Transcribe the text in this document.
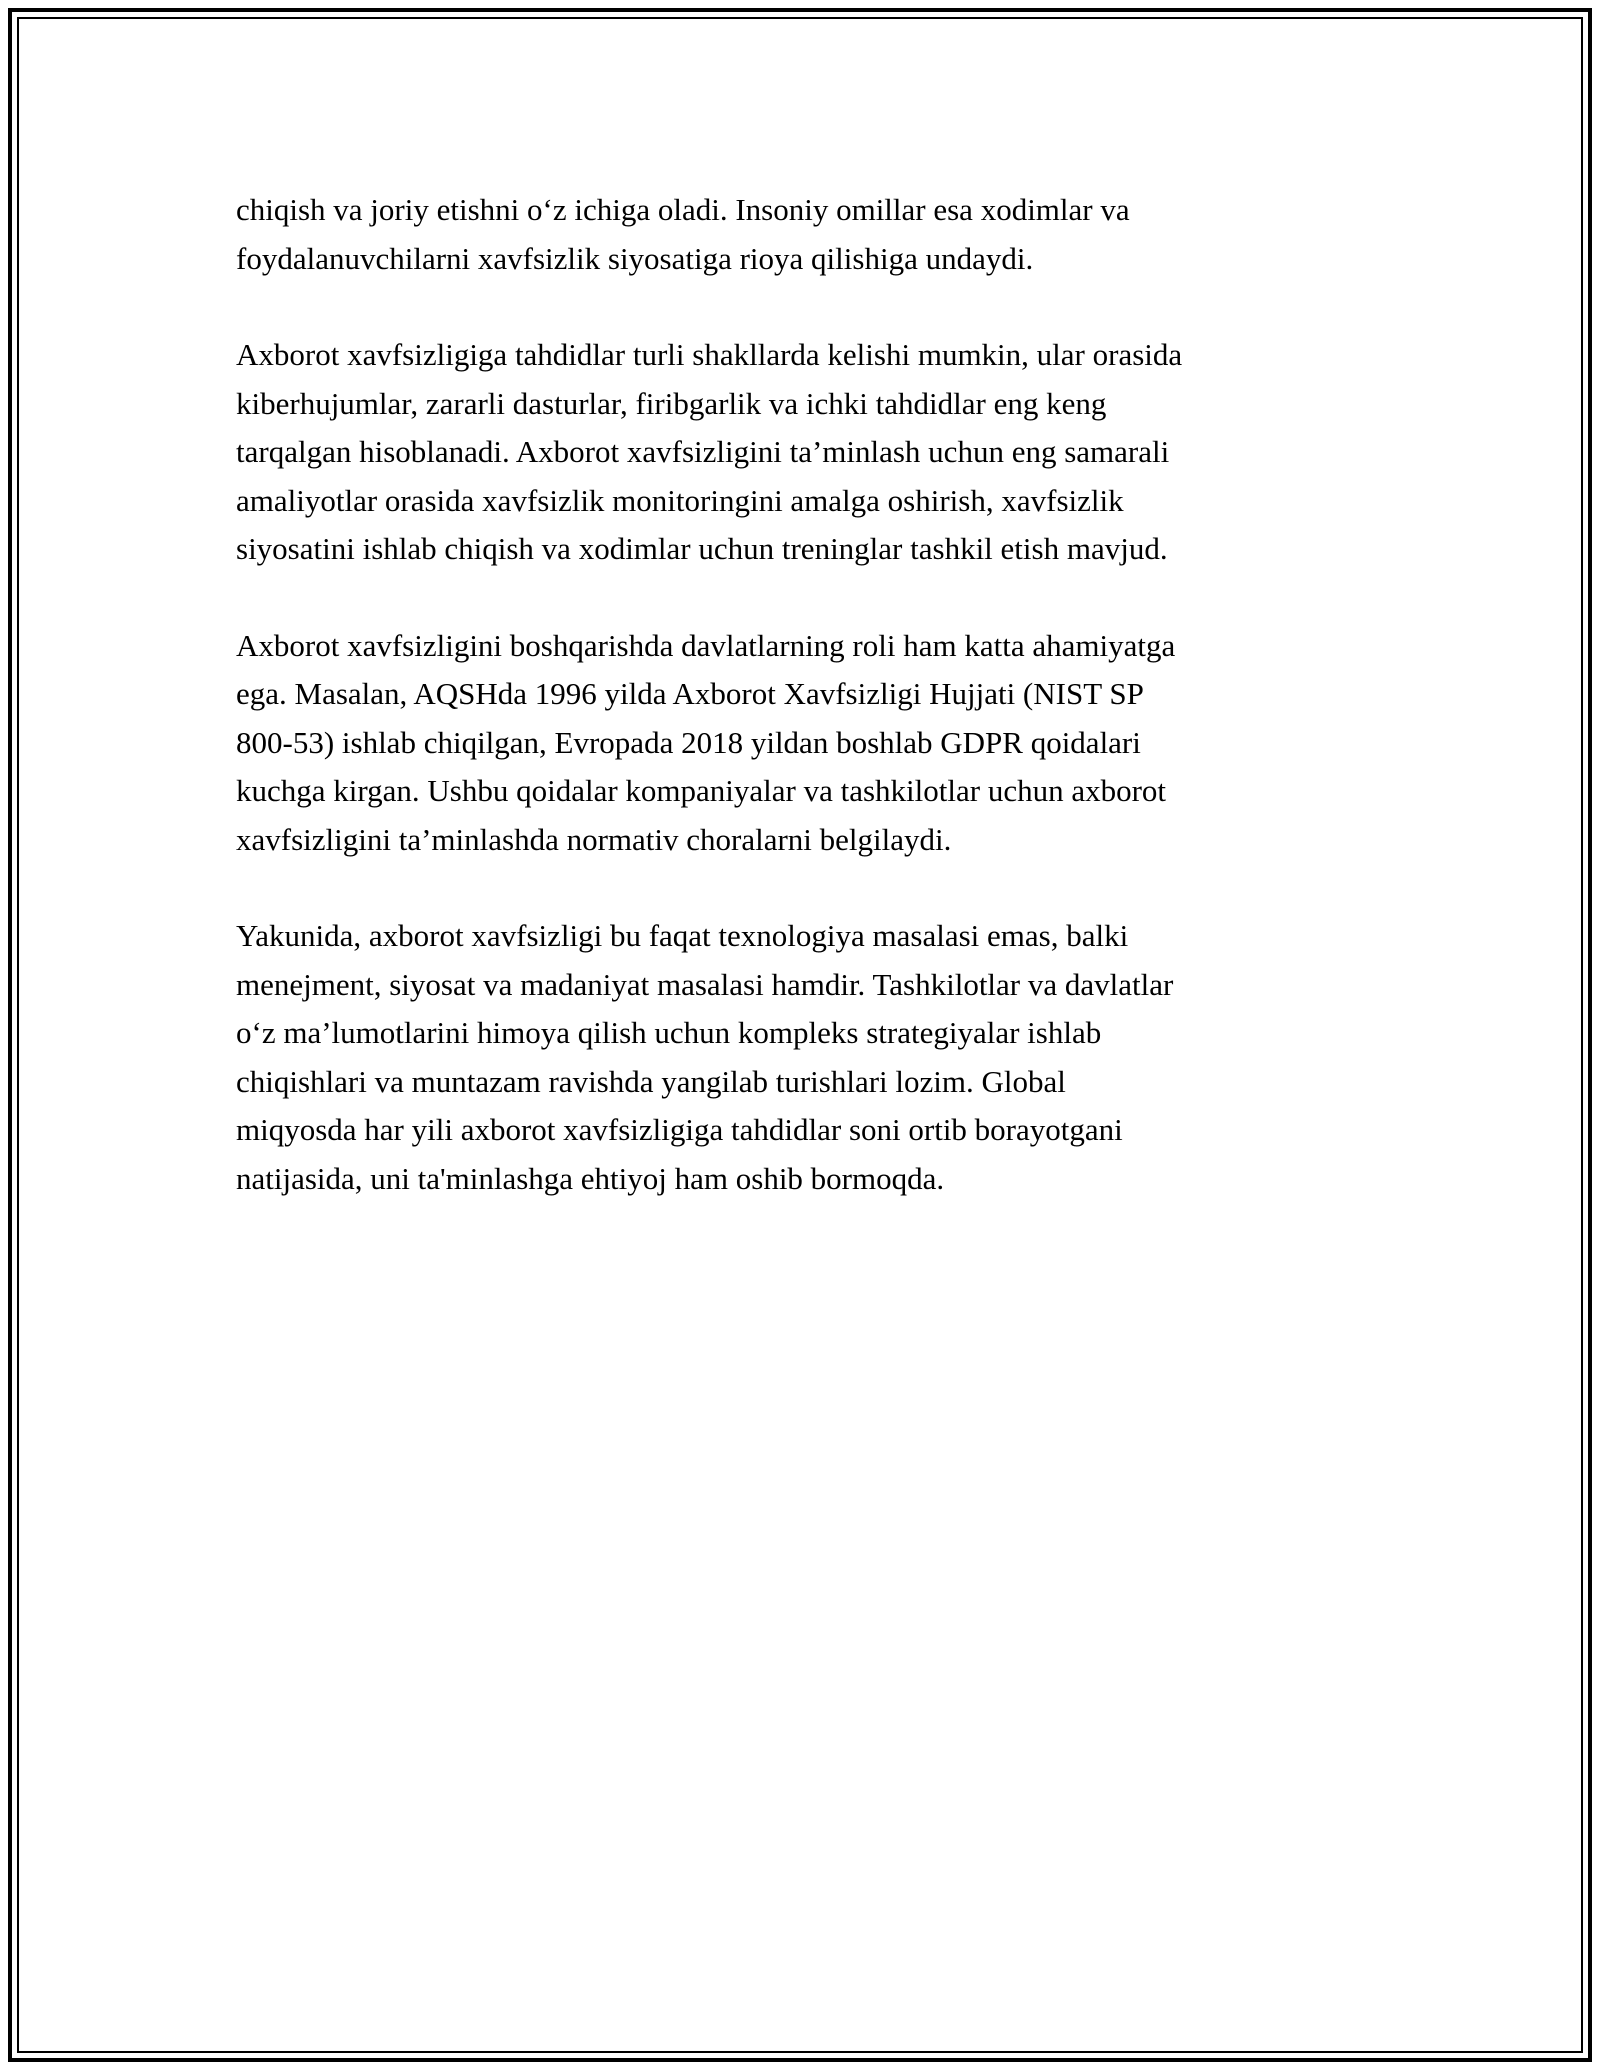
chiqish va joriy etishni o‘z ichiga oladi. Insoniy omillar esa xodimlar va
foydalanuvchilarni xavfsizlik siyosatiga rioya qilishiga undaydi.

Axborot xavfsizligiga tahdidlar turli shakllarda kelishi mumkin, ular orasida
kiberhujumlar, zararli dasturlar, firibgarlik va ichki tahdidlar eng keng
tarqalgan hisoblanadi. Axborot xavfsizligini ta’minlash uchun eng samarali
amaliyotlar orasida xavfsizlik monitoringini amalga oshirish, xavfsizlik
siyosatini ishlab chiqish va xodimlar uchun treninglar tashkil etish mavjud.

Axborot xavfsizligini boshqarishda davlatlarning roli ham katta ahamiyatga
ega. Masalan, AQSHda 1996 yilda Axborot Xavfsizligi Hujjati (NIST SP
800-53) ishlab chiqilgan, Evropada 2018 yildan boshlab GDPR qoidalari
kuchga kirgan. Ushbu qoidalar kompaniyalar va tashkilotlar uchun axborot
xavfsizligini ta’minlashda normativ choralarni belgilaydi.

Yakunida, axborot xavfsizligi bu faqat texnologiya masalasi emas, balki
menejment, siyosat va madaniyat masalasi hamdir. Tashkilotlar va davlatlar
o‘z ma’lumotlarini himoya qilish uchun kompleks strategiyalar ishlab
chiqishlari va muntazam ravishda yangilab turishlari lozim. Global
miqyosda har yili axborot xavfsizligiga tahdidlar soni ortib borayotgani
natijasida, uni ta'minlashga ehtiyoj ham oshib bormoqda.
